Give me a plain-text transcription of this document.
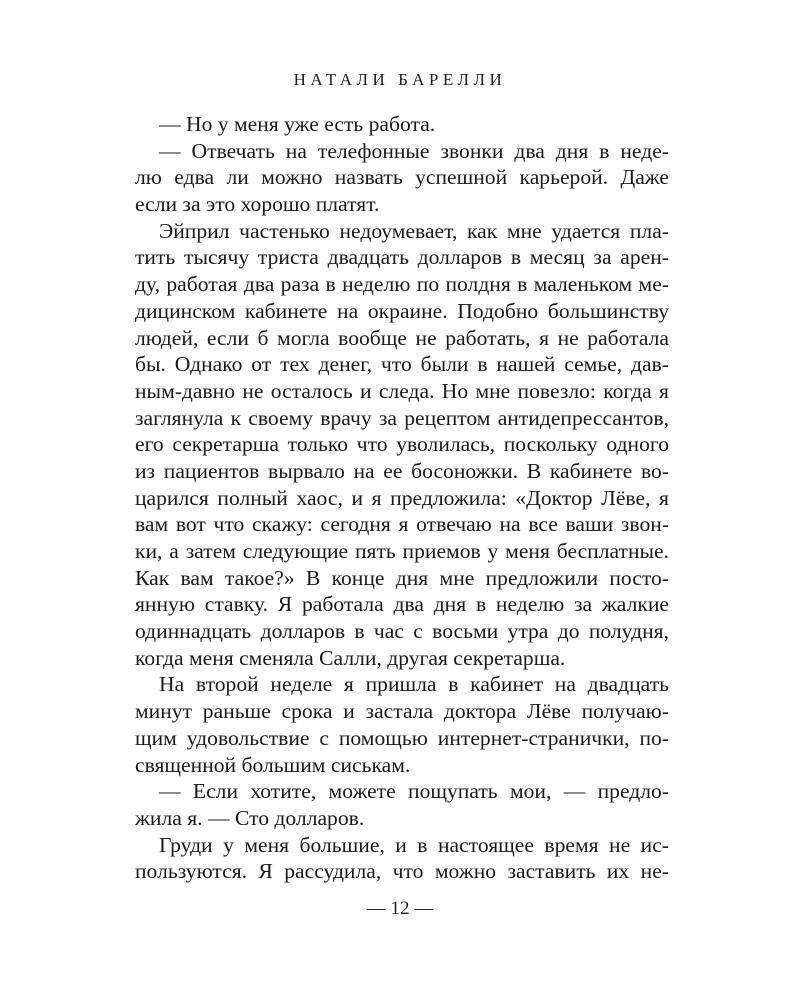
НАТАЛИ БАРЕЛЛИ
— Но у меня уже есть работа.
— Отвечать на телефонные звонки два дня в неде-
лю едва ли можно назвать успешной карьерой. Даже
если за это хорошо платят.
Эйприл частенько недоумевает, как мне удается пла-
тить тысячу триста двадцать долларов в месяц за арен-
ду, работая два раза в неделю по полдня в маленьком ме-
дицинском кабинете на окраине. Подобно большинству
людей, если б могла вообще не работать, я не работала
бы. Однако от тех денег, что были в нашей семье, дав-
ным-давно не осталось и следа. Но мне повезло: когда я
заглянула к своему врачу за рецептом антидепрессантов,
его секретарша только что уволилась, поскольку одного
из пациентов вырвало на ее босоножки. В кабинете во-
царился полный хаос, и я предложила: «Доктор Лёве, я
вам вот что скажу: сегодня я отвечаю на все ваши звон-
ки, а затем следующие пять приемов у меня бесплатные.
Как вам такое?» В конце дня мне предложили посто-
янную ставку. Я работала два дня в неделю за жалкие
одиннадцать долларов в час с восьми утра до полудня,
когда меня сменяла Салли, другая секретарша.
На второй неделе я пришла в кабинет на двадцать
минут раньше срока и застала доктора Лёве получаю-
щим удовольствие с помощью интернет-странички, по-
священной большим сиськам.
— Если хотите, можете пощупать мои, — предло-
жила я. — Сто долларов.
Груди у меня большие, и в настоящее время не ис-
пользуются. Я рассудила, что можно заставить их не-
— 12 —
